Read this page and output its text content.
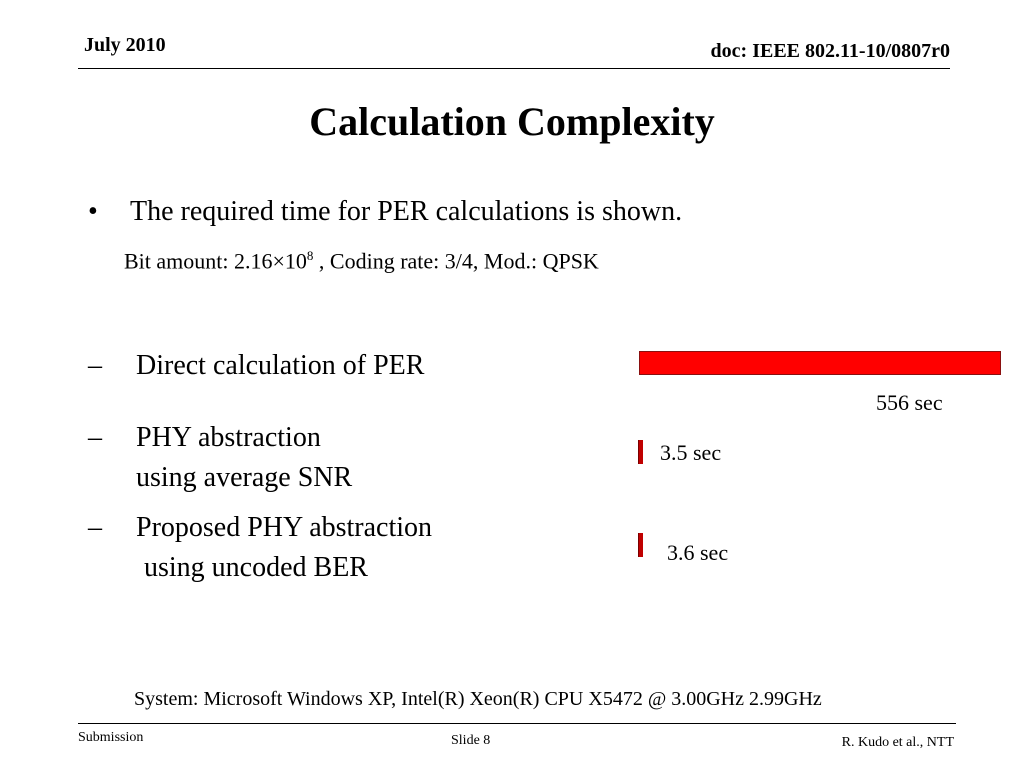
July 2010	doc: IEEE 802.11-10/0807r0
Calculation Complexity
• The required time for PER calculations is shown.
Bit amount: $2.16\times 10^8$ , Coding rate: 3/4, Mod.: QPSK
– Direct calculation of PER
– PHY abstraction
using average SNR
– Proposed PHY abstraction
using uncoded BER
556 sec
3.5 sec
3.6 sec
System: Microsoft Windows XP, Intel(R) Xeon(R) CPU X5472 @ 3.00GHz 2.99GHz
Submission	Slide 8	R. Kudo et al., NTT
